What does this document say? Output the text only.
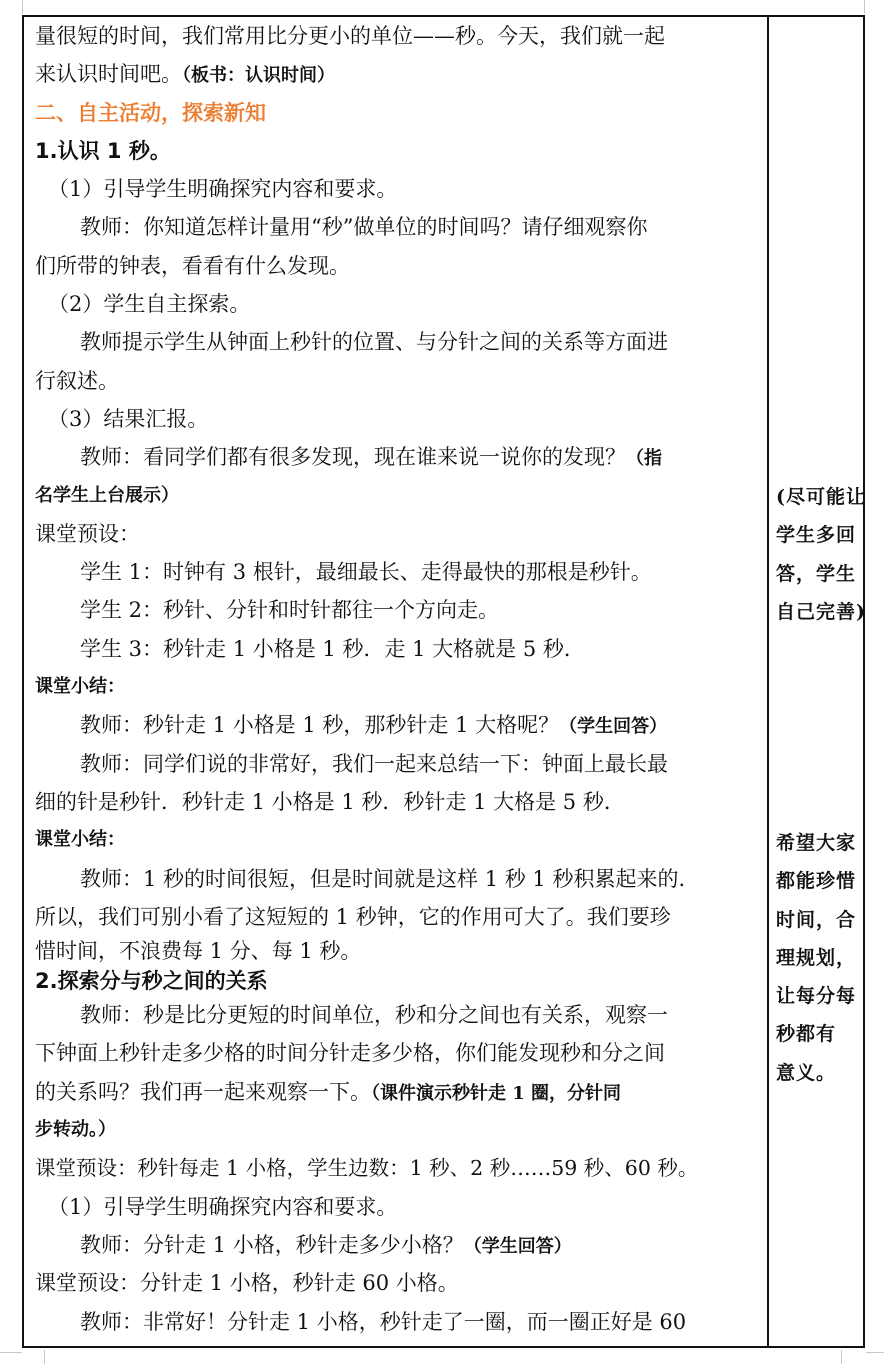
量很短的时间，我们常用比分更小的单位——秒。今天，我们就一起
来认识时间吧。（板书：认识时间）
二、自主活动，探索新知
1.认识 1 秒。
（1）引导学生明确探究内容和要求。
教师：你知道怎样计量用“秒”做单位的时间吗？请仔细观察你
们所带的钟表，看看有什么发现。
（2）学生自主探索。
教师提示学生从钟面上秒针的位置、与分针之间的关系等方面进
行叙述。
（3）结果汇报。
教师：看同学们都有很多发现，现在谁来说一说你的发现？（指
名学生上台展示）
课堂预设：
学生 1：时钟有 3 根针，最细最长、走得最快的那根是秒针。
学生 2：秒针、分针和时针都往一个方向走。
学生 3：秒针走 1 小格是 1 秒．走 1 大格就是 5 秒．
课堂小结：
教师：秒针走 1 小格是 1 秒，那秒针走 1 大格呢？（学生回答）
教师：同学们说的非常好，我们一起来总结一下：钟面上最长最
细的针是秒针．秒针走 1 小格是 1 秒．秒针走 1 大格是 5 秒．
课堂小结：
教师：1 秒的时间很短，但是时间就是这样 1 秒 1 秒积累起来的.
所以，我们可别小看了这短短的 1 秒钟，它的作用可大了。我们要珍
惜时间，不浪费每 1 分、每 1 秒。
2.探索分与秒之间的关系
教师：秒是比分更短的时间单位，秒和分之间也有关系，观察一
下钟面上秒针走多少格的时间分针走多少格，你们能发现秒和分之间
的关系吗？我们再一起来观察一下。（课件演示秒针走 1 圈，分针同
步转动。）
课堂预设：秒针每走 1 小格，学生边数：1 秒、2 秒……59 秒、60 秒。
（1）引导学生明确探究内容和要求。
教师：分针走 1 小格，秒针走多少小格？（学生回答）
课堂预设：分针走 1 小格，秒针走 60 小格。
教师：非常好！分针走 1 小格，秒针走了一圈，而一圈正好是 60
(尽可能让
学生多回
答，学生
自己完善)
希望大家
都能珍惜
时间，合
理规划，
让每分每
秒都有
意义。
